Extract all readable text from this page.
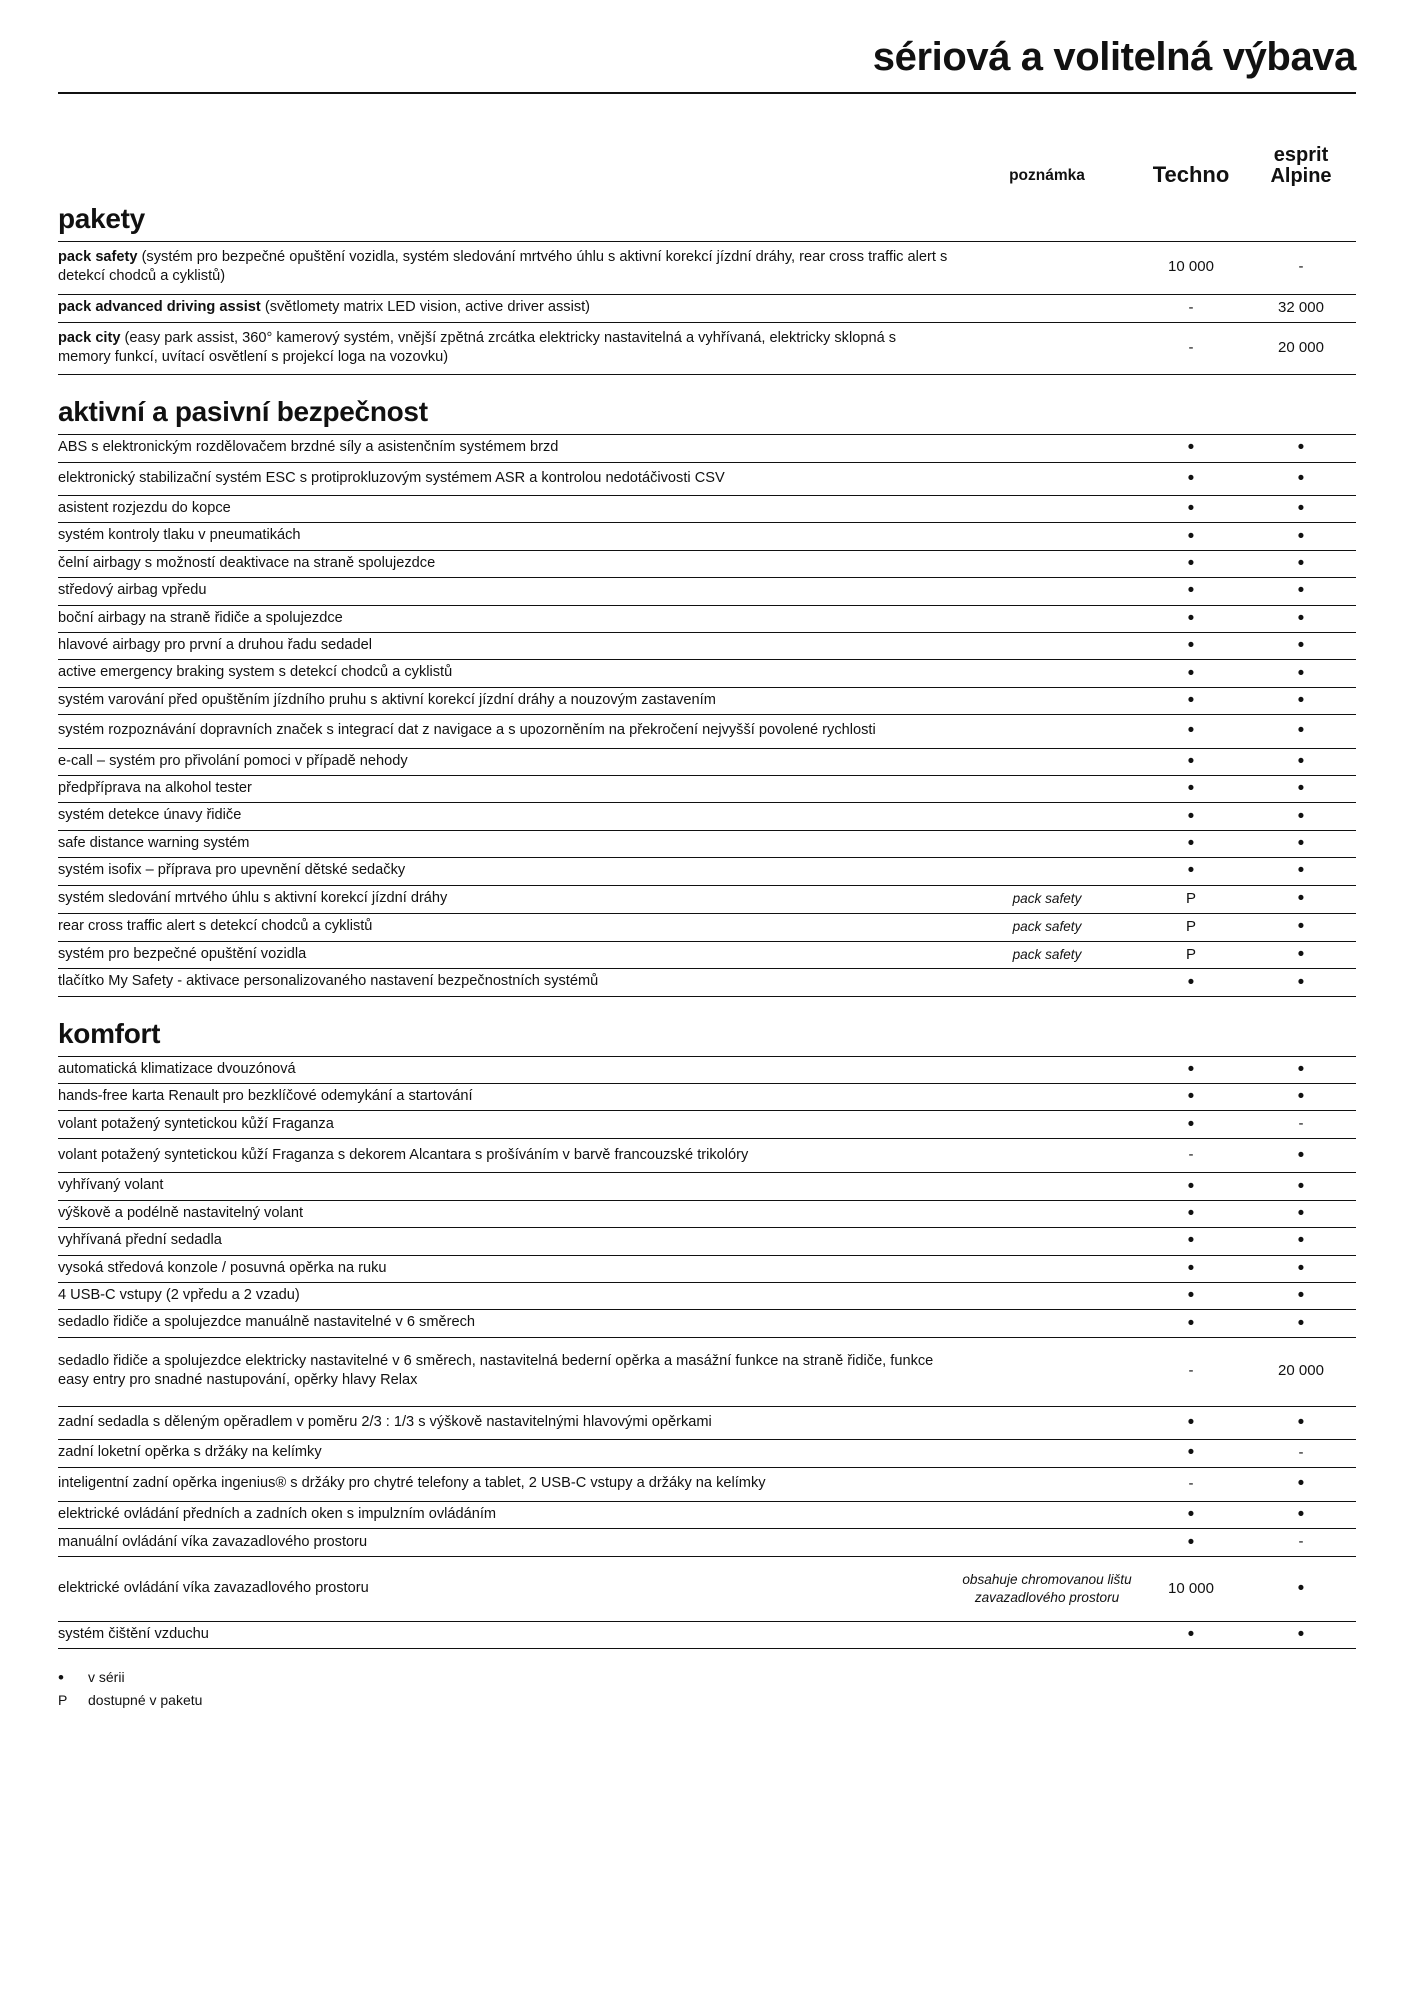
sériová a volitelná výbava
poznámka	Techno
esprit
Alpine
pakety
pack safety (systém pro bezpečné opuštění vozidla, systém sledování mrtvého úhlu s aktivní korekcí jízdní dráhy, rear cross traffic alert s detekcí chodců a cyklistů)		10 000	-
pack advanced driving assist (světlomety matrix LED vision, active driver assist)		-	32 000
pack city (easy park assist, 360° kamerový systém, vnější zpětná zrcátka elektricky nastavitelná a vyhřívaná, elektricky sklopná s memory funkcí, uvítací osvětlení s projekcí loga na vozovku)		-	20 000
aktivní a pasivní bezpečnost
ABS s elektronickým rozdělovačem brzdné síly a asistenčním systémem brzd		•	•
elektronický stabilizační systém ESC s protiprokluzovým systémem ASR a kontrolou nedotáčivosti CSV		•	•
asistent rozjezdu do kopce		•	•
systém kontroly tlaku v pneumatikách		•	•
čelní airbagy s možností deaktivace na straně spolujezdce		•	•
středový airbag vpředu		•	•
boční airbagy na straně řidiče a spolujezdce		•	•
hlavové airbagy pro první a druhou řadu sedadel		•	•
active emergency braking system s detekcí chodců a cyklistů		•	•
systém varování před opuštěním jízdního pruhu s aktivní korekcí jízdní dráhy a nouzovým zastavením		•	•
systém rozpoznávání dopravních značek s integrací dat z navigace a s upozorněním na překročení nejvyšší povolené rychlosti		•	•
e-call – systém pro přivolání pomoci v případě nehody		•	•
předpříprava na alkohol tester		•	•
systém detekce únavy řidiče		•	•
safe distance warning systém		•	•
systém isofix – příprava pro upevnění dětské sedačky		•	•
systém sledování mrtvého úhlu s aktivní korekcí jízdní dráhy	pack safety	P	•
rear cross traffic alert s detekcí chodců a cyklistů	pack safety	P	•
systém pro bezpečné opuštění vozidla	pack safety	P	•
tlačítko My Safety - aktivace personalizovaného nastavení bezpečnostních systémů		•	•
komfort
automatická klimatizace dvouzónová		•	•
hands-free karta Renault pro bezklíčové odemykání a startování		•	•
volant potažený syntetickou kůží Fraganza		•	-
volant potažený syntetickou kůží Fraganza s dekorem Alcantara s prošíváním v barvě francouzské trikolóry		-	•
vyhřívaný volant		•	•
výškově a podélně nastavitelný volant		•	•
vyhřívaná přední sedadla		•	•
vysoká středová konzole / posuvná opěrka na ruku		•	•
4 USB-C vstupy (2 vpředu a 2 vzadu)		•	•
sedadlo řidiče a spolujezdce manuálně nastavitelné v 6 směrech		•	•
sedadlo řidiče a spolujezdce elektricky nastavitelné v 6 směrech, nastavitelná bederní opěrka a masážní funkce na straně řidiče, funkce easy entry pro snadné nastupování, opěrky hlavy Relax		-	20 000
zadní sedadla s děleným opěradlem v poměru 2/3 : 1/3 s výškově nastavitelnými hlavovými opěrkami		•	•
zadní loketní opěrka s držáky na kelímky		•	-
inteligentní zadní opěrka ingenius® s držáky pro chytré telefony a tablet, 2 USB-C vstupy a držáky na kelímky		-	•
elektrické ovládání předních a zadních oken s impulzním ovládáním		•	•
manuální ovládání víka zavazadlového prostoru		•	-
elektrické ovládání víka zavazadlového prostoru	obsahuje chromovanou lištu zavazadlového prostoru	10 000	•
systém čištění vzduchu		•	•
•	v sérii
P	dostupné v paketu
